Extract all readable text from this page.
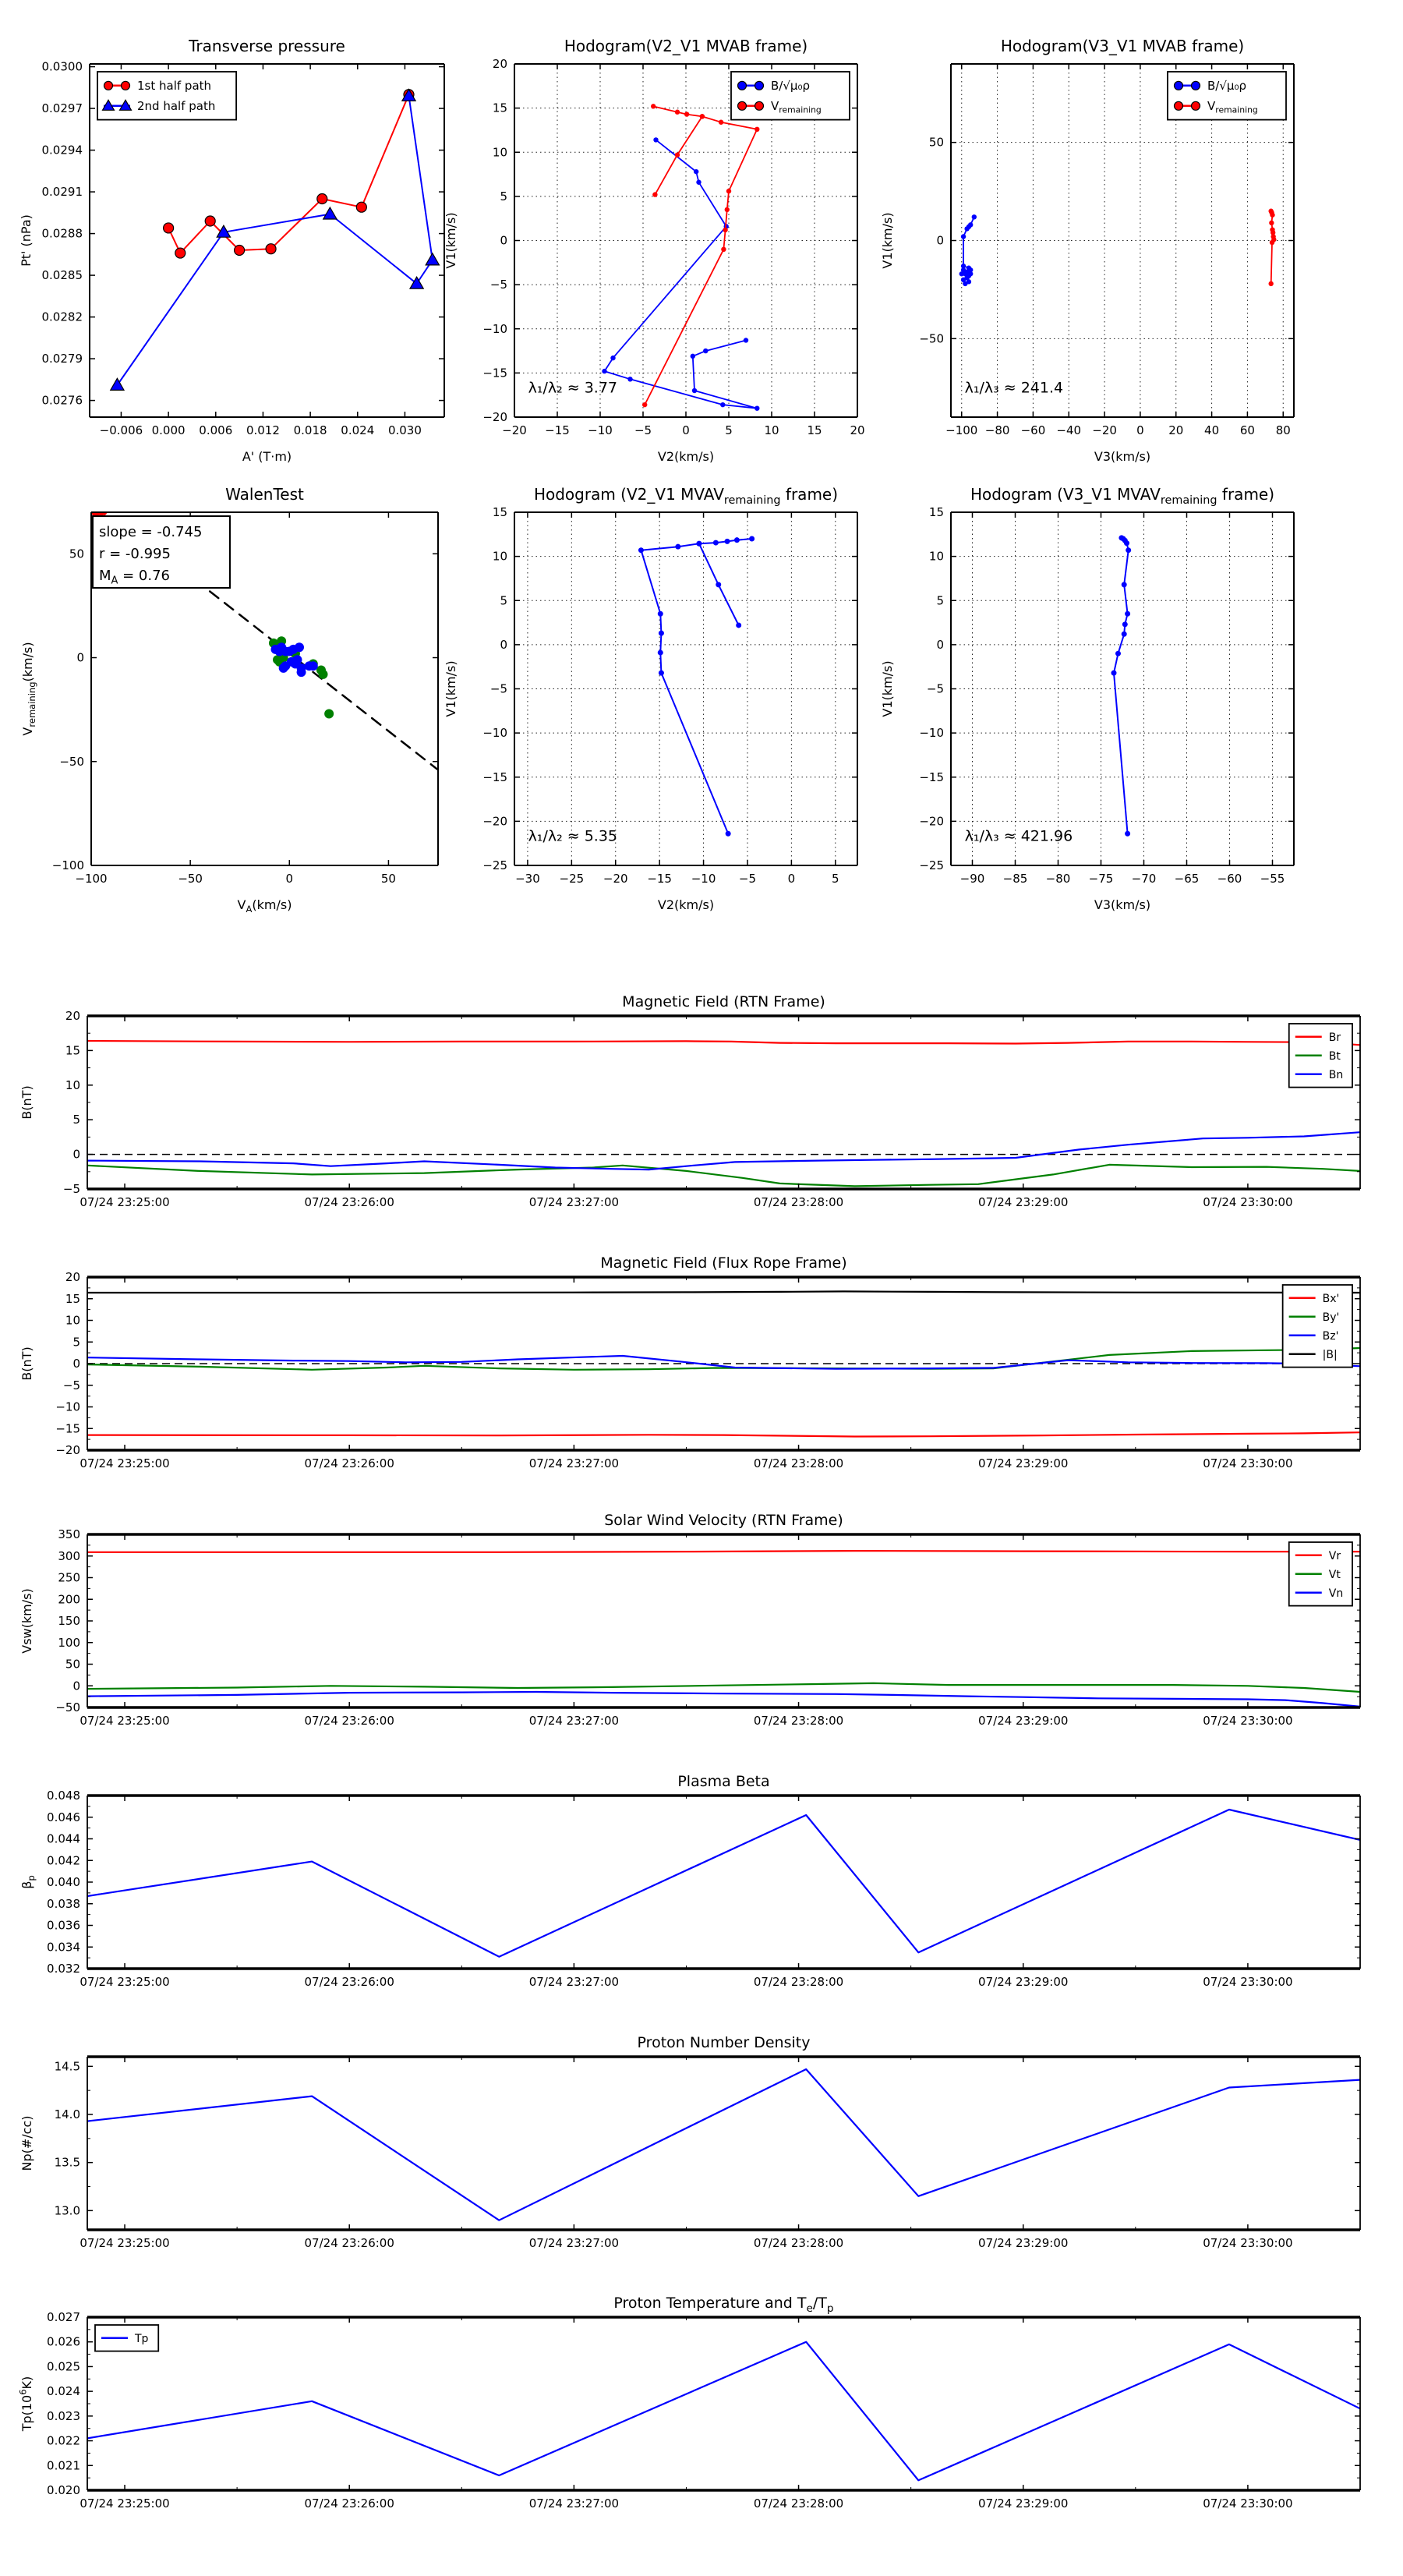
−0.006 0.000 0.006 0.012 0.018 0.024 0.030
0.0276
0.0279
0.0282
0.0285
0.0288
0.0291
0.0294
0.0297
0.0300
Transverse pressure
A' (T·m)
Pt' (nPa)
1st half path
2nd half path
−20 −15 −10 −5	0	5	10 15 20
−20
−15
−10
−5
0
5
10
15
20
Hodogram(V2_V1 MVAB frame)
V2(km/s)
V1(km/s)
λ₁/λ₂ ≈ 3.77
B/√μ₀ρ
$V_{remaining}$
−100 −80 −60 −40 −20 0 20 40 60 80
−50
0
50
Hodogram(V3_V1 MVAB frame)
V3(km/s)
V1(km/s)
λ₁/λ₃ ≈ 241.4
B/√μ₀ρ
$V_{remaining}$
−100	−50	0	50
−100
−50
0
50
WalenTest
$V_A(km/s)$
$V_{remaining}(km/s)$
slope = -0.745
r = -0.995
$M_A = 0.76$
−30 −25 −20 −15 −10 −5	0	5
−25
−20
−15
−10
−5
0
5
10
15
Hodogram (V2_V1 $MVAV_{remaining}$ frame)
V2(km/s)
V1(km/s)
λ₁/λ₂ ≈ 5.35
−90 −85 −80 −75 −70 −65 −60 −55
−25
−20
−15
−10
−5
0
5
10
15
Hodogram (V3_V1 $MVAV_{remaining}$ frame)
V3(km/s)
V1(km/s)
λ₁/λ₃ ≈ 421.96
07/24 23:25:00	07/24 23:26:00	07/24 23:27:00	07/24 23:28:00	07/24 23:29:00	07/24 23:30:00
−5
0
5
10
15
20
Magnetic Field (RTN Frame)
B(nT)
Br
Bt
Bn
07/24 23:25:00	07/24 23:26:00	07/24 23:27:00	07/24 23:28:00	07/24 23:29:00	07/24 23:30:00
−20
−15
−10
−5
0
5
10
15
20
Magnetic Field (Flux Rope Frame)
B(nT)
Bx'
By'
Bz'
|B|
07/24 23:25:00	07/24 23:26:00	07/24 23:27:00	07/24 23:28:00	07/24 23:29:00	07/24 23:30:00
−50
0
50
100
150
200
250
300
350
Solar Wind Velocity (RTN Frame)
Vsw(km/s)
Vr
Vt
Vn
07/24 23:25:00	07/24 23:26:00	07/24 23:27:00	07/24 23:28:00	07/24 23:29:00	07/24 23:30:00
0.032
0.034
0.036
0.038
0.040
0.042
0.044
0.046
0.048
Plasma Beta
$\beta_p$
07/24 23:25:00	07/24 23:26:00	07/24 23:27:00	07/24 23:28:00	07/24 23:29:00	07/24 23:30:00
13.0
13.5
14.0
14.5
Proton Number Density
Np(#/cc)
07/24 23:25:00	07/24 23:26:00	07/24 23:27:00	07/24 23:28:00	07/24 23:29:00	07/24 23:30:00
0.020
0.021
0.022
0.023
0.024
0.025
0.026
0.027
Proton Temperature and $T_e/T_p$
$Tp(10^6K)$
Tp
